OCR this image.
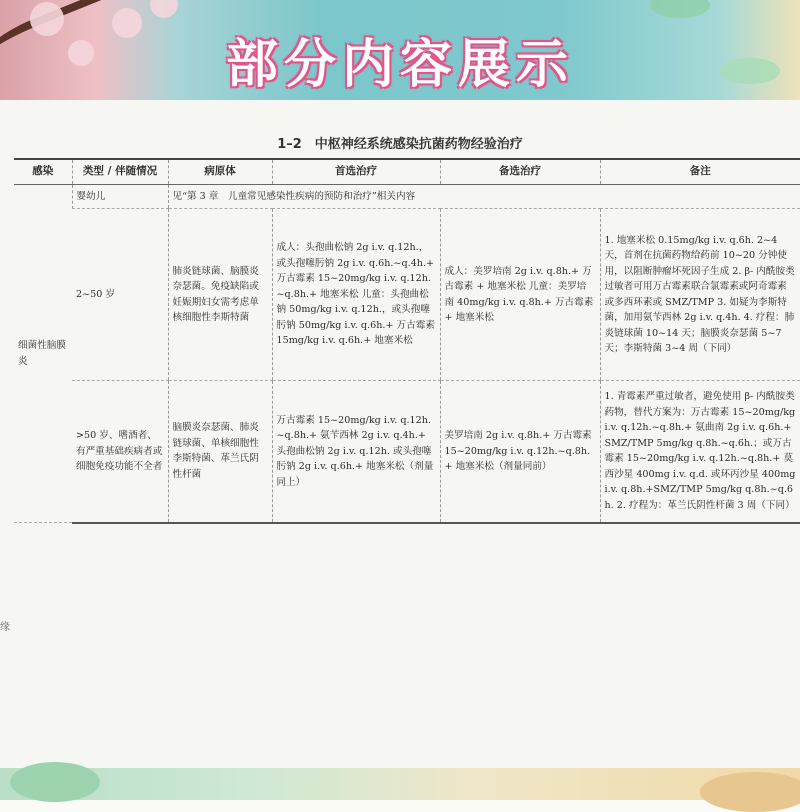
部分内容展示
1–2　中枢神经系统感染抗菌药物经验治疗
感染	类型 / 伴随情况	病原体	首选治疗	备选治疗	备注
细菌性脑膜炎	婴幼儿	见“第 3 章　儿童常见感染性疾病的预防和治疗”相关内容			
	2~50 岁	肺炎链球菌、脑膜炎奈瑟菌。免疫缺陷或妊娠期妇女需考虑单核细胞性李斯特菌	成人：头孢曲松钠 2g i.v. q.12h.，或头孢噻肟钠 2g i.v. q.6h.~q.4h.+ 万古霉素 15~20mg/kg i.v. q.12h.~q.8h.+ 地塞米松 儿童：头孢曲松钠 50mg/kg i.v. q.12h.，或头孢噻肟钠 50mg/kg i.v. q.6h.+ 万古霉素 15mg/kg i.v. q.6h.+ 地塞米松	成人：美罗培南 2g i.v. q.8h.+ 万古霉素 + 地塞米松 儿童：美罗培南 40mg/kg i.v. q.8h.+ 万古霉素 + 地塞米松	1. 地塞米松 0.15mg/kg i.v. q.6h. 2~4 天，首剂在抗菌药物给药前 10~20 分钟使用，以阻断肿瘤坏死因子生成 2. β- 内酰胺类过敏者可用万古霉素联合氯霉素或阿奇霉素或多西环素或 SMZ/TMP 3. 如疑为李斯特菌，加用氨苄西林 2g i.v. q.4h. 4. 疗程：肺炎链球菌 10~14 天；脑膜炎奈瑟菌 5~7 天；李斯特菌 3~4 周（下同）
	>50 岁、嗜酒者、有严重基础疾病者或细胞免疫功能不全者	脑膜炎奈瑟菌、肺炎链球菌、单核细胞性李斯特菌、革兰氏阴性杆菌	万古霉素 15~20mg/kg i.v. q.12h.~q.8h.+ 氨苄西林 2g i.v. q.4h.+ 头孢曲松钠 2g i.v. q.12h. 或头孢噻肟钠 2g i.v. q.6h.+ 地塞米松（剂量同上）	美罗培南 2g i.v. q.8h.+ 万古霉素 15~20mg/kg i.v. q.12h.~q.8h.+ 地塞米松（剂量同前）	1. 青霉素严重过敏者，避免使用 β- 内酰胺类药物，替代方案为：万古霉素 15~20mg/kg i.v. q.12h.~q.8h.+ 氨曲南 2g i.v. q.6h.+SMZ/TMP 5mg/kg q.8h.~q.6h.；或万古霉素 15~20mg/kg i.v. q.12h.~q.8h.+ 莫西沙星 400mg i.v. q.d. 或环丙沙星 400mg i.v. q.8h.+SMZ/TMP 5mg/kg q.8h.~q.6h. 2. 疗程为：革兰氏阴性杆菌 3 周（下同）
缘
